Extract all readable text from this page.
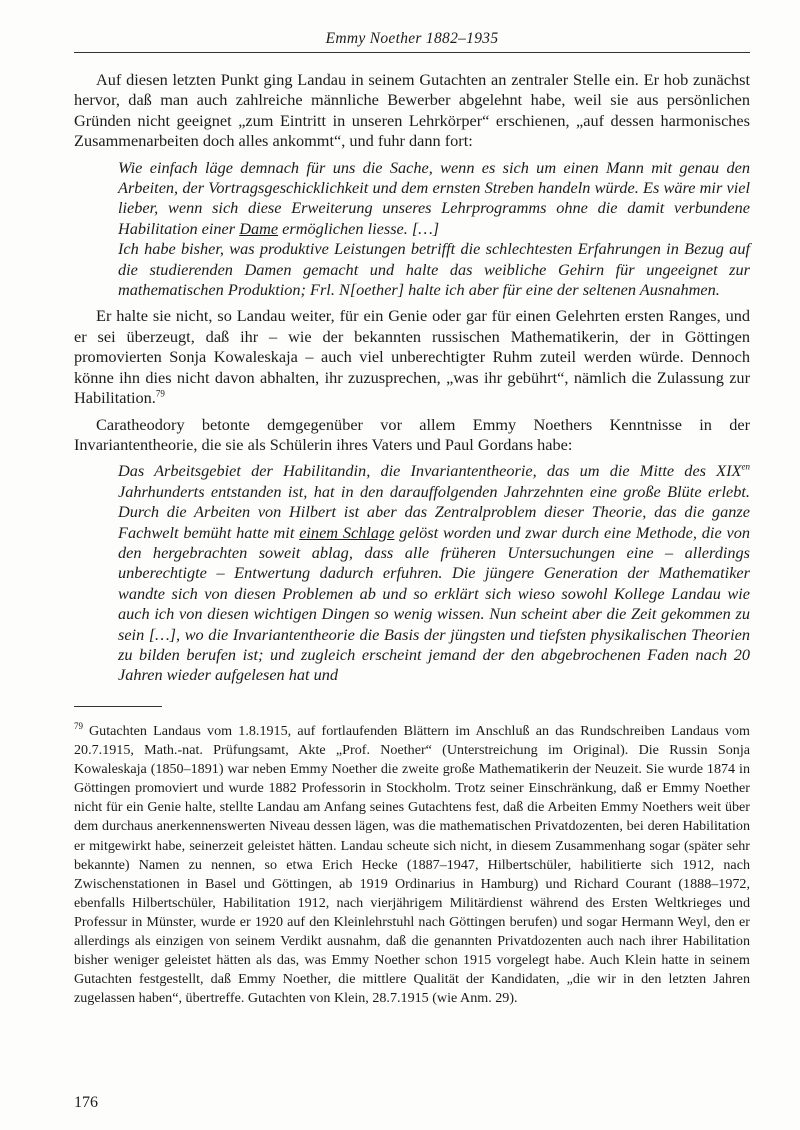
Emmy Noether 1882–1935

Auf diesen letzten Punkt ging Landau in seinem Gutachten an zentraler Stelle ein. Er hob zunächst hervor, daß man auch zahlreiche männliche Bewerber abgelehnt habe, weil sie aus persönlichen Gründen nicht geeignet „zum Eintritt in unseren Lehrkörper“ erschienen, „auf dessen harmonisches Zusammenarbeiten doch alles ankommt“, und fuhr dann fort:

Wie einfach läge demnach für uns die Sache, wenn es sich um einen Mann mit genau den Arbeiten, der Vortragsgeschicklichkeit und dem ernsten Streben handeln würde. Es wäre mir viel lieber, wenn sich diese Erweiterung unseres Lehrprogramms ohne die damit verbundene Habilitation einer Dame ermöglichen liesse. […]

Ich habe bisher, was produktive Leistungen betrifft die schlechtesten Erfahrungen in Bezug auf die studierenden Damen gemacht und halte das weibliche Gehirn für ungeeignet zur mathematischen Produktion; Frl. N[oether] halte ich aber für eine der seltenen Ausnahmen.

Er halte sie nicht, so Landau weiter, für ein Genie oder gar für einen Gelehrten ersten Ranges, und er sei überzeugt, daß ihr – wie der bekannten russischen Mathematikerin, der in Göttingen promovierten Sonja Kowaleskaja – auch viel unberechtigter Ruhm zuteil werden würde. Dennoch könne ihn dies nicht davon abhalten, ihr zuzusprechen, „was ihr gebührt“, nämlich die Zulassung zur Habilitation.$^{79}$

Caratheodory betonte demgegenüber vor allem Emmy Noethers Kenntnisse in der Invariantentheorie, die sie als Schülerin ihres Vaters und Paul Gordans habe:

Das Arbeitsgebiet der Habilitandin, die Invariantentheorie, das um die Mitte des $XIX^{en}$ Jahrhunderts entstanden ist, hat in den darauffolgenden Jahrzehnten eine große Blüte erlebt. Durch die Arbeiten von Hilbert ist aber das Zentralproblem dieser Theorie, das die ganze Fachwelt bemüht hatte mit einem Schlage gelöst worden und zwar durch eine Methode, die von den hergebrachten soweit ablag, dass alle früheren Untersuchungen eine – allerdings unberechtigte – Entwertung dadurch erfuhren. Die jüngere Generation der Mathematiker wandte sich von diesen Problemen ab und so erklärt sich wieso sowohl Kollege Landau wie auch ich von diesen wichtigen Dingen so wenig wissen. Nun scheint aber die Zeit gekommen zu sein […], wo die Invariantentheorie die Basis der jüngsten und tiefsten physikalischen Theorien zu bilden berufen ist; und zugleich erscheint jemand der den abgebrochenen Faden nach 20 Jahren wieder aufgelesen hat und

$^{79}$ Gutachten Landaus vom 1.8.1915, auf fortlaufenden Blättern im Anschluß an das Rundschreiben Landaus vom 20.7.1915, Math.-nat. Prüfungsamt, Akte „Prof. Noether“ (Unterstreichung im Original). Die Russin Sonja Kowaleskaja (1850–1891) war neben Emmy Noether die zweite große Mathematikerin der Neuzeit. Sie wurde 1874 in Göttingen promoviert und wurde 1882 Professorin in Stockholm. Trotz seiner Einschränkung, daß er Emmy Noether nicht für ein Genie halte, stellte Landau am Anfang seines Gutachtens fest, daß die Arbeiten Emmy Noethers weit über dem durchaus anerkennenswerten Niveau dessen lägen, was die mathematischen Privatdozenten, bei deren Habilitation er mitgewirkt habe, seinerzeit geleistet hätten. Landau scheute sich nicht, in diesem Zusammenhang sogar (später sehr bekannte) Namen zu nennen, so etwa Erich Hecke (1887–1947, Hilbertschüler, habilitierte sich 1912, nach Zwischenstationen in Basel und Göttingen, ab 1919 Ordinarius in Hamburg) und Richard Courant (1888–1972, ebenfalls Hilbertschüler, Habilitation 1912, nach vierjährigem Militärdienst während des Ersten Weltkrieges und Professur in Münster, wurde er 1920 auf den Kleinlehrstuhl nach Göttingen berufen) und sogar Hermann Weyl, den er allerdings als einzigen von seinem Verdikt ausnahm, daß die genannten Privatdozenten auch nach ihrer Habilitation bisher weniger geleistet hätten als das, was Emmy Noether schon 1915 vorgelegt habe. Auch Klein hatte in seinem Gutachten festgestellt, daß Emmy Noether, die mittlere Qualität der Kandidaten, „die wir in den letzten Jahren zugelassen haben“, übertreffe. Gutachten von Klein, 28.7.1915 (wie Anm. 29).
176
